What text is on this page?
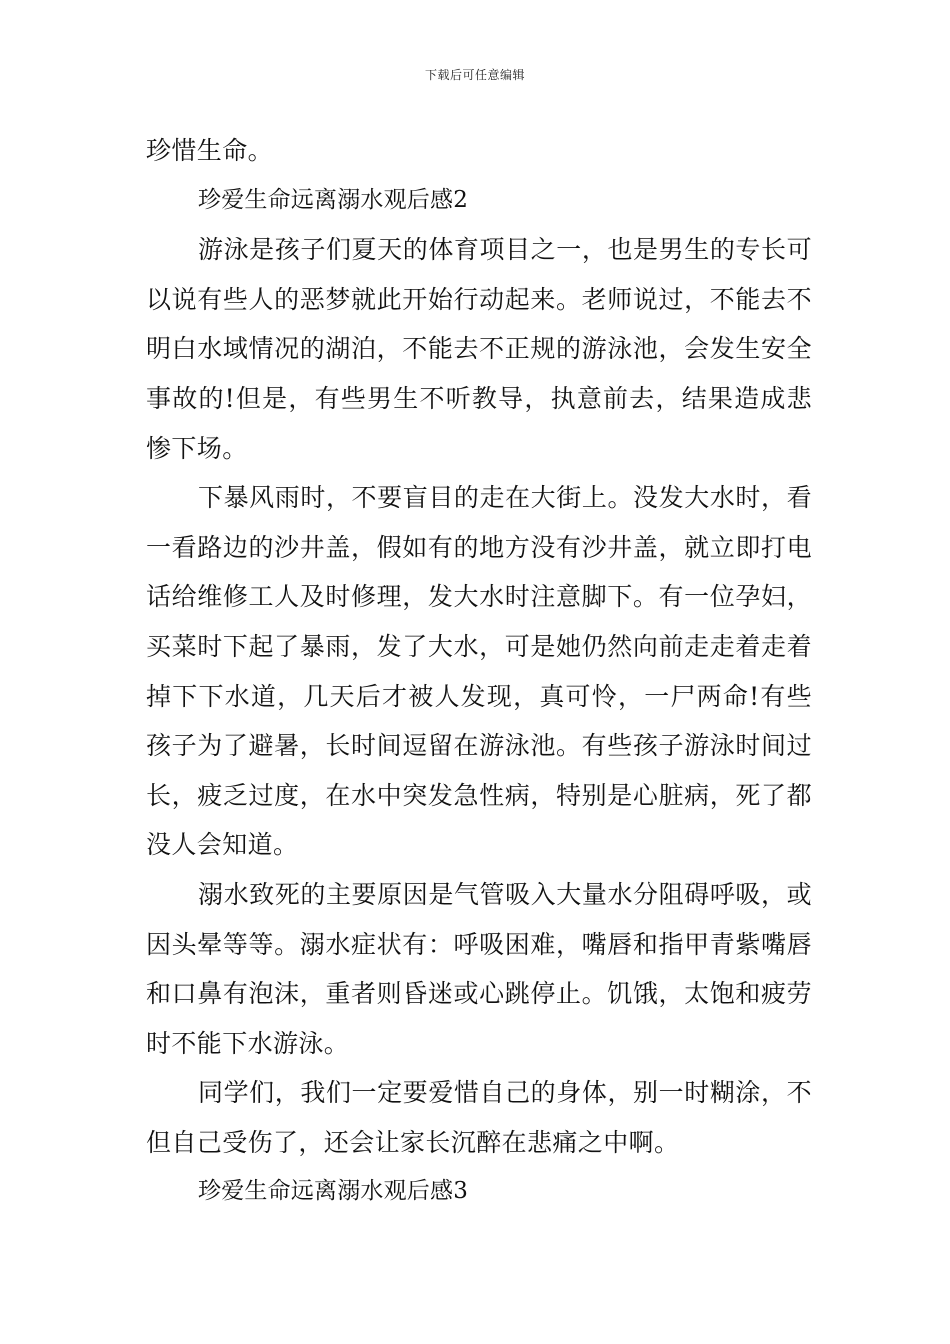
下载后可任意编辑

珍惜生命。

珍爱生命远离溺水观后感2

游泳是孩子们夏天的体育项目之一，也是男生的专长可以说有些人的恶梦就此开始行动起来。老师说过，不能去不明白水域情况的湖泊，不能去不正规的游泳池，会发生安全事故的!但是，有些男生不听教导，执意前去，结果造成悲惨下场。

下暴风雨时，不要盲目的走在大街上。没发大水时，看一看路边的沙井盖，假如有的地方没有沙井盖，就立即打电话给维修工人及时修理，发大水时注意脚下。有一位孕妇，买菜时下起了暴雨，发了大水，可是她仍然向前走走着走着掉下下水道，几天后才被人发现，真可怜，一尸两命!有些孩子为了避暑，长时间逗留在游泳池。有些孩子游泳时间过长，疲乏过度，在水中突发急性病，特别是心脏病，死了都没人会知道。

溺水致死的主要原因是气管吸入大量水分阻碍呼吸，或因头晕等等。溺水症状有：呼吸困难，嘴唇和指甲青紫嘴唇和口鼻有泡沫，重者则昏迷或心跳停止。饥饿，太饱和疲劳时不能下水游泳。

同学们，我们一定要爱惜自己的身体，别一时糊涂，不但自己受伤了，还会让家长沉醉在悲痛之中啊。

珍爱生命远离溺水观后感3
